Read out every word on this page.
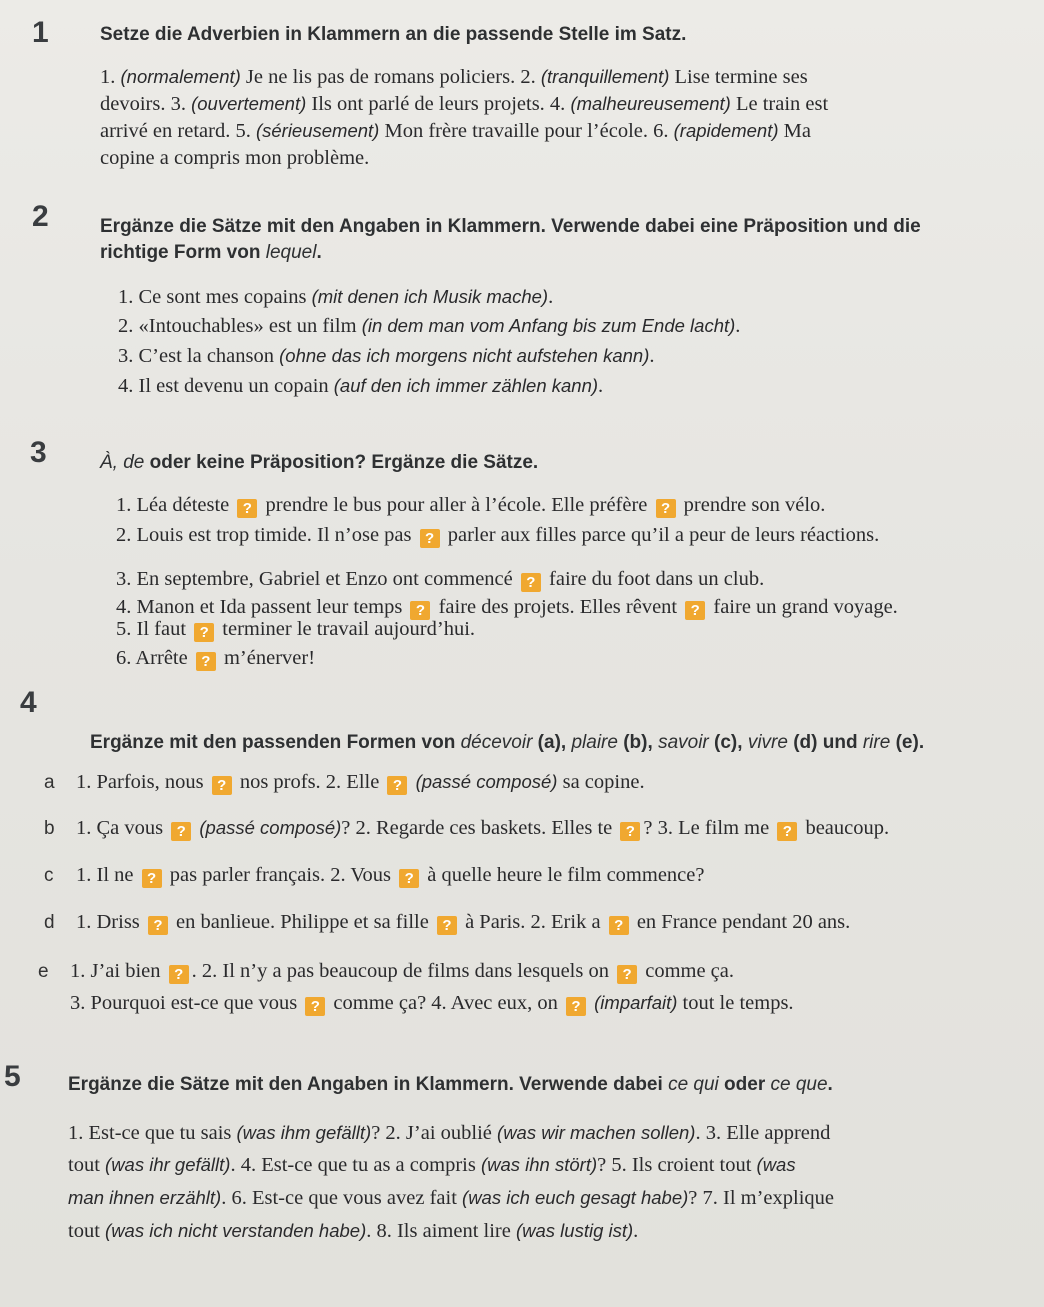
1	Setze die Adverbien in Klammern an die passende Stelle im Satz.
1. (normalement) Je ne lis pas de romans policiers. 2. (tranquillement) Lise termine ses
devoirs. 3. (ouvertement) Ils ont parlé de leurs projets. 4. (malheureusement) Le train est
arrivé en retard. 5. (sérieusement) Mon frère travaille pour l’école. 6. (rapidement) Ma
copine a compris mon problème.
2	Ergänze die Sätze mit den Angaben in Klammern. Verwende dabei eine Präposition und die
richtige Form von lequel.
1. Ce sont mes copains (mit denen ich Musik mache).
2. «Intouchables» est un film (in dem man vom Anfang bis zum Ende lacht).
3. C’est la chanson (ohne das ich morgens nicht aufstehen kann).
4. Il est devenu un copain (auf den ich immer zählen kann).
3	À, de oder keine Präposition? Ergänze die Sätze.
1. Léa déteste ? prendre le bus pour aller à l’école. Elle préfère ? prendre son vélo.
2. Louis est trop timide. Il n’ose pas ? parler aux filles parce qu’il a peur de leurs réactions.
3. En septembre, Gabriel et Enzo ont commencé ? faire du foot dans un club.
4. Manon et Ida passent leur temps ? faire des projets. Elles rêvent ? faire un grand voyage.
5. Il faut ? terminer le travail aujourd’hui.
6. Arrête ? m’énerver!
4
Ergänze mit den passenden Formen von décevoir (a), plaire (b), savoir (c), vivre (d) und rire (e).
a 1. Parfois, nous ? nos profs. 2. Elle ? (passé composé) sa copine.
b 1. Ça vous ? (passé composé)? 2. Regarde ces baskets. Elles te ? ? 3. Le film me ? beaucoup.
c 1. Il ne ? pas parler français. 2. Vous ? à quelle heure le film commence?
d 1. Driss ? en banlieue. Philippe et sa fille ? à Paris. 2. Erik a ? en France pendant 20 ans.
e 1. J’ai bien ? . 2. Il n’y a pas beaucoup de films dans lesquels on ? comme ça.
3. Pourquoi est-ce que vous ? comme ça? 4. Avec eux, on ? (imparfait) tout le temps.
5 Ergänze die Sätze mit den Angaben in Klammern. Verwende dabei ce qui oder ce que.
1. Est-ce que tu sais (was ihm gefällt)? 2. J’ai oublié (was wir machen sollen). 3. Elle apprend
tout (was ihr gefällt). 4. Est-ce que tu as a compris (was ihn stört)? 5. Ils croient tout (was
man ihnen erzählt). 6. Est-ce que vous avez fait (was ich euch gesagt habe)? 7. Il m’explique
tout (was ich nicht verstanden habe). 8. Ils aiment lire (was lustig ist).
